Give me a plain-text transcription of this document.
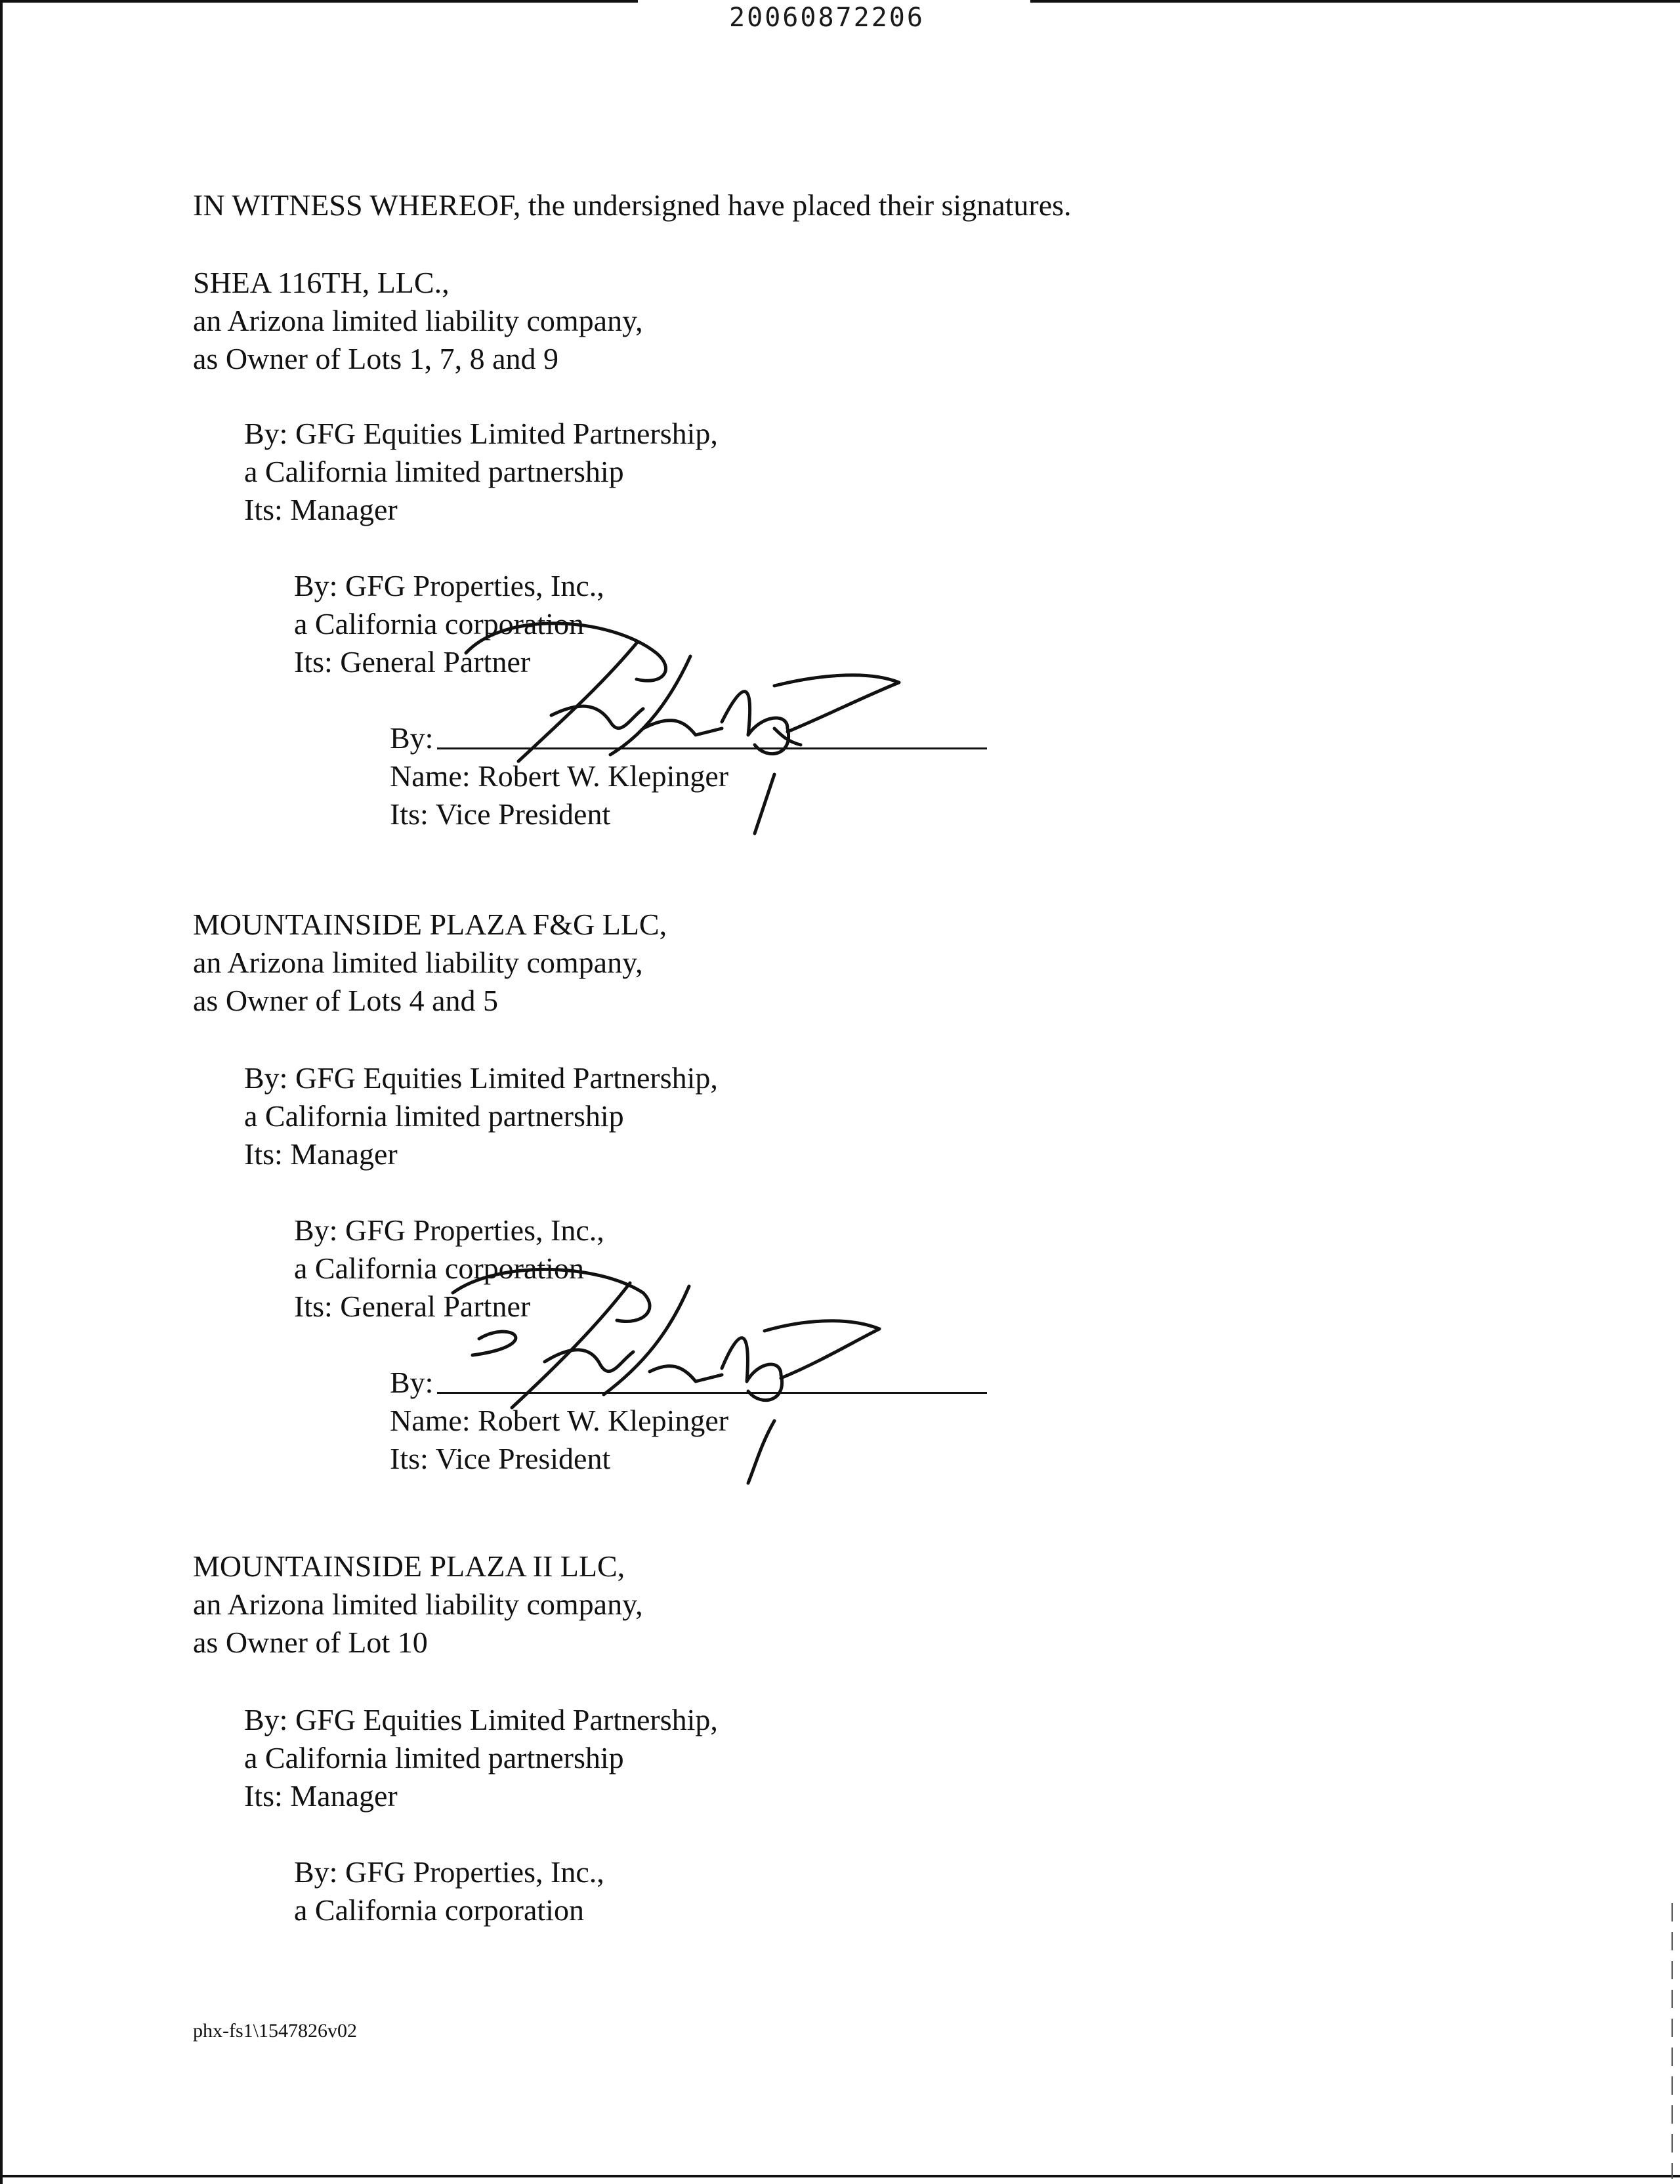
20060872206
IN WITNESS WHEREOF, the undersigned have placed their signatures.
SHEA 116TH, LLC.,
an Arizona limited liability company,
as Owner of Lots 1, 7, 8 and 9
By: GFG Equities Limited Partnership,
a California limited partnership
Its: Manager
By: GFG Properties, Inc.,
a California corporation
Its: General Partner
By:
Name: Robert W. Klepinger
Its: Vice President
MOUNTAINSIDE PLAZA F&G LLC,
an Arizona limited liability company,
as Owner of Lots 4 and 5
By: GFG Equities Limited Partnership,
a California limited partnership
Its: Manager
By: GFG Properties, Inc.,
a California corporation
Its: General Partner
By:
Name: Robert W. Klepinger
Its: Vice President
MOUNTAINSIDE PLAZA II LLC,
an Arizona limited liability company,
as Owner of Lot 10
By: GFG Equities Limited Partnership,
a California limited partnership
Its: Manager
By: GFG Properties, Inc.,
a California corporation
phx-fs1\1547826v02
